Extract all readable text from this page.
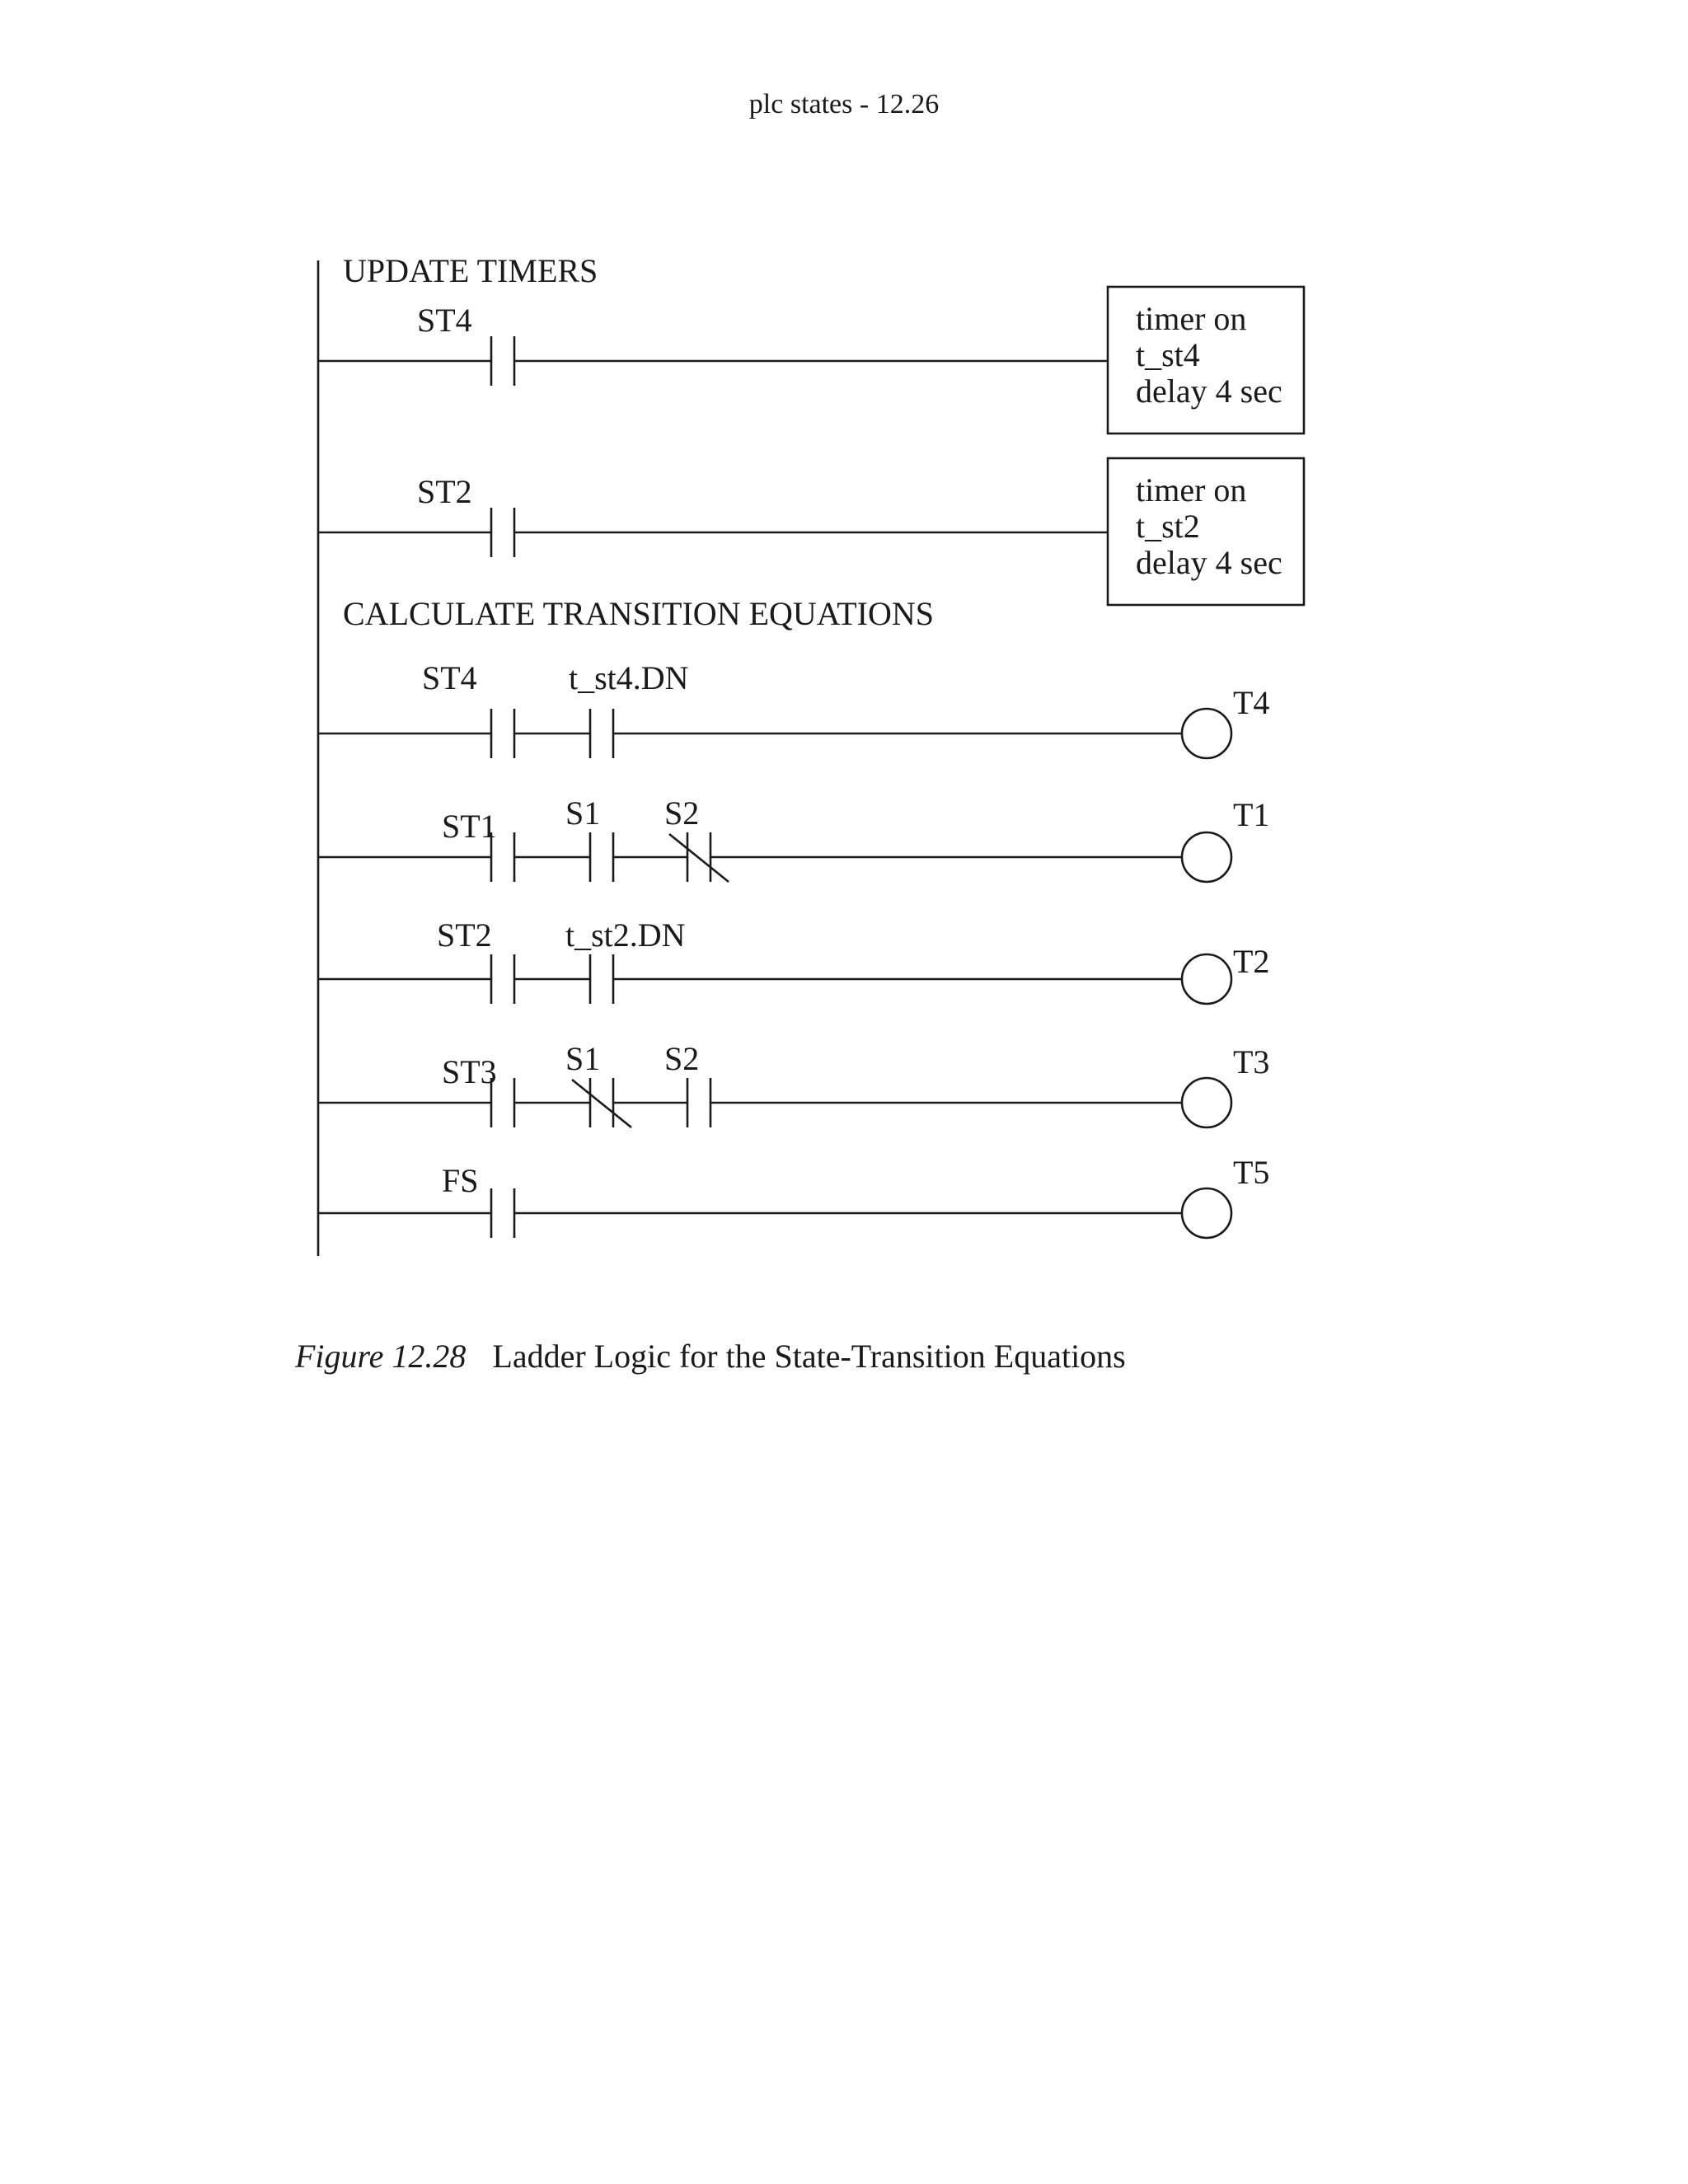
plc states - 12.26
UPDATE TIMERS
CALCULATE TRANSITION EQUATIONS
ST4	timer on
t_st4
delay 4 sec
ST2	timer on
t_st2
delay 4 sec
ST4	t_st4.DN
T4
ST1 S1 S2	T1
ST2 t_st2.DN
T2
ST3 S1 S2	T3
FS	T5
Figure 12.28 Ladder Logic for the State-Transition Equations
